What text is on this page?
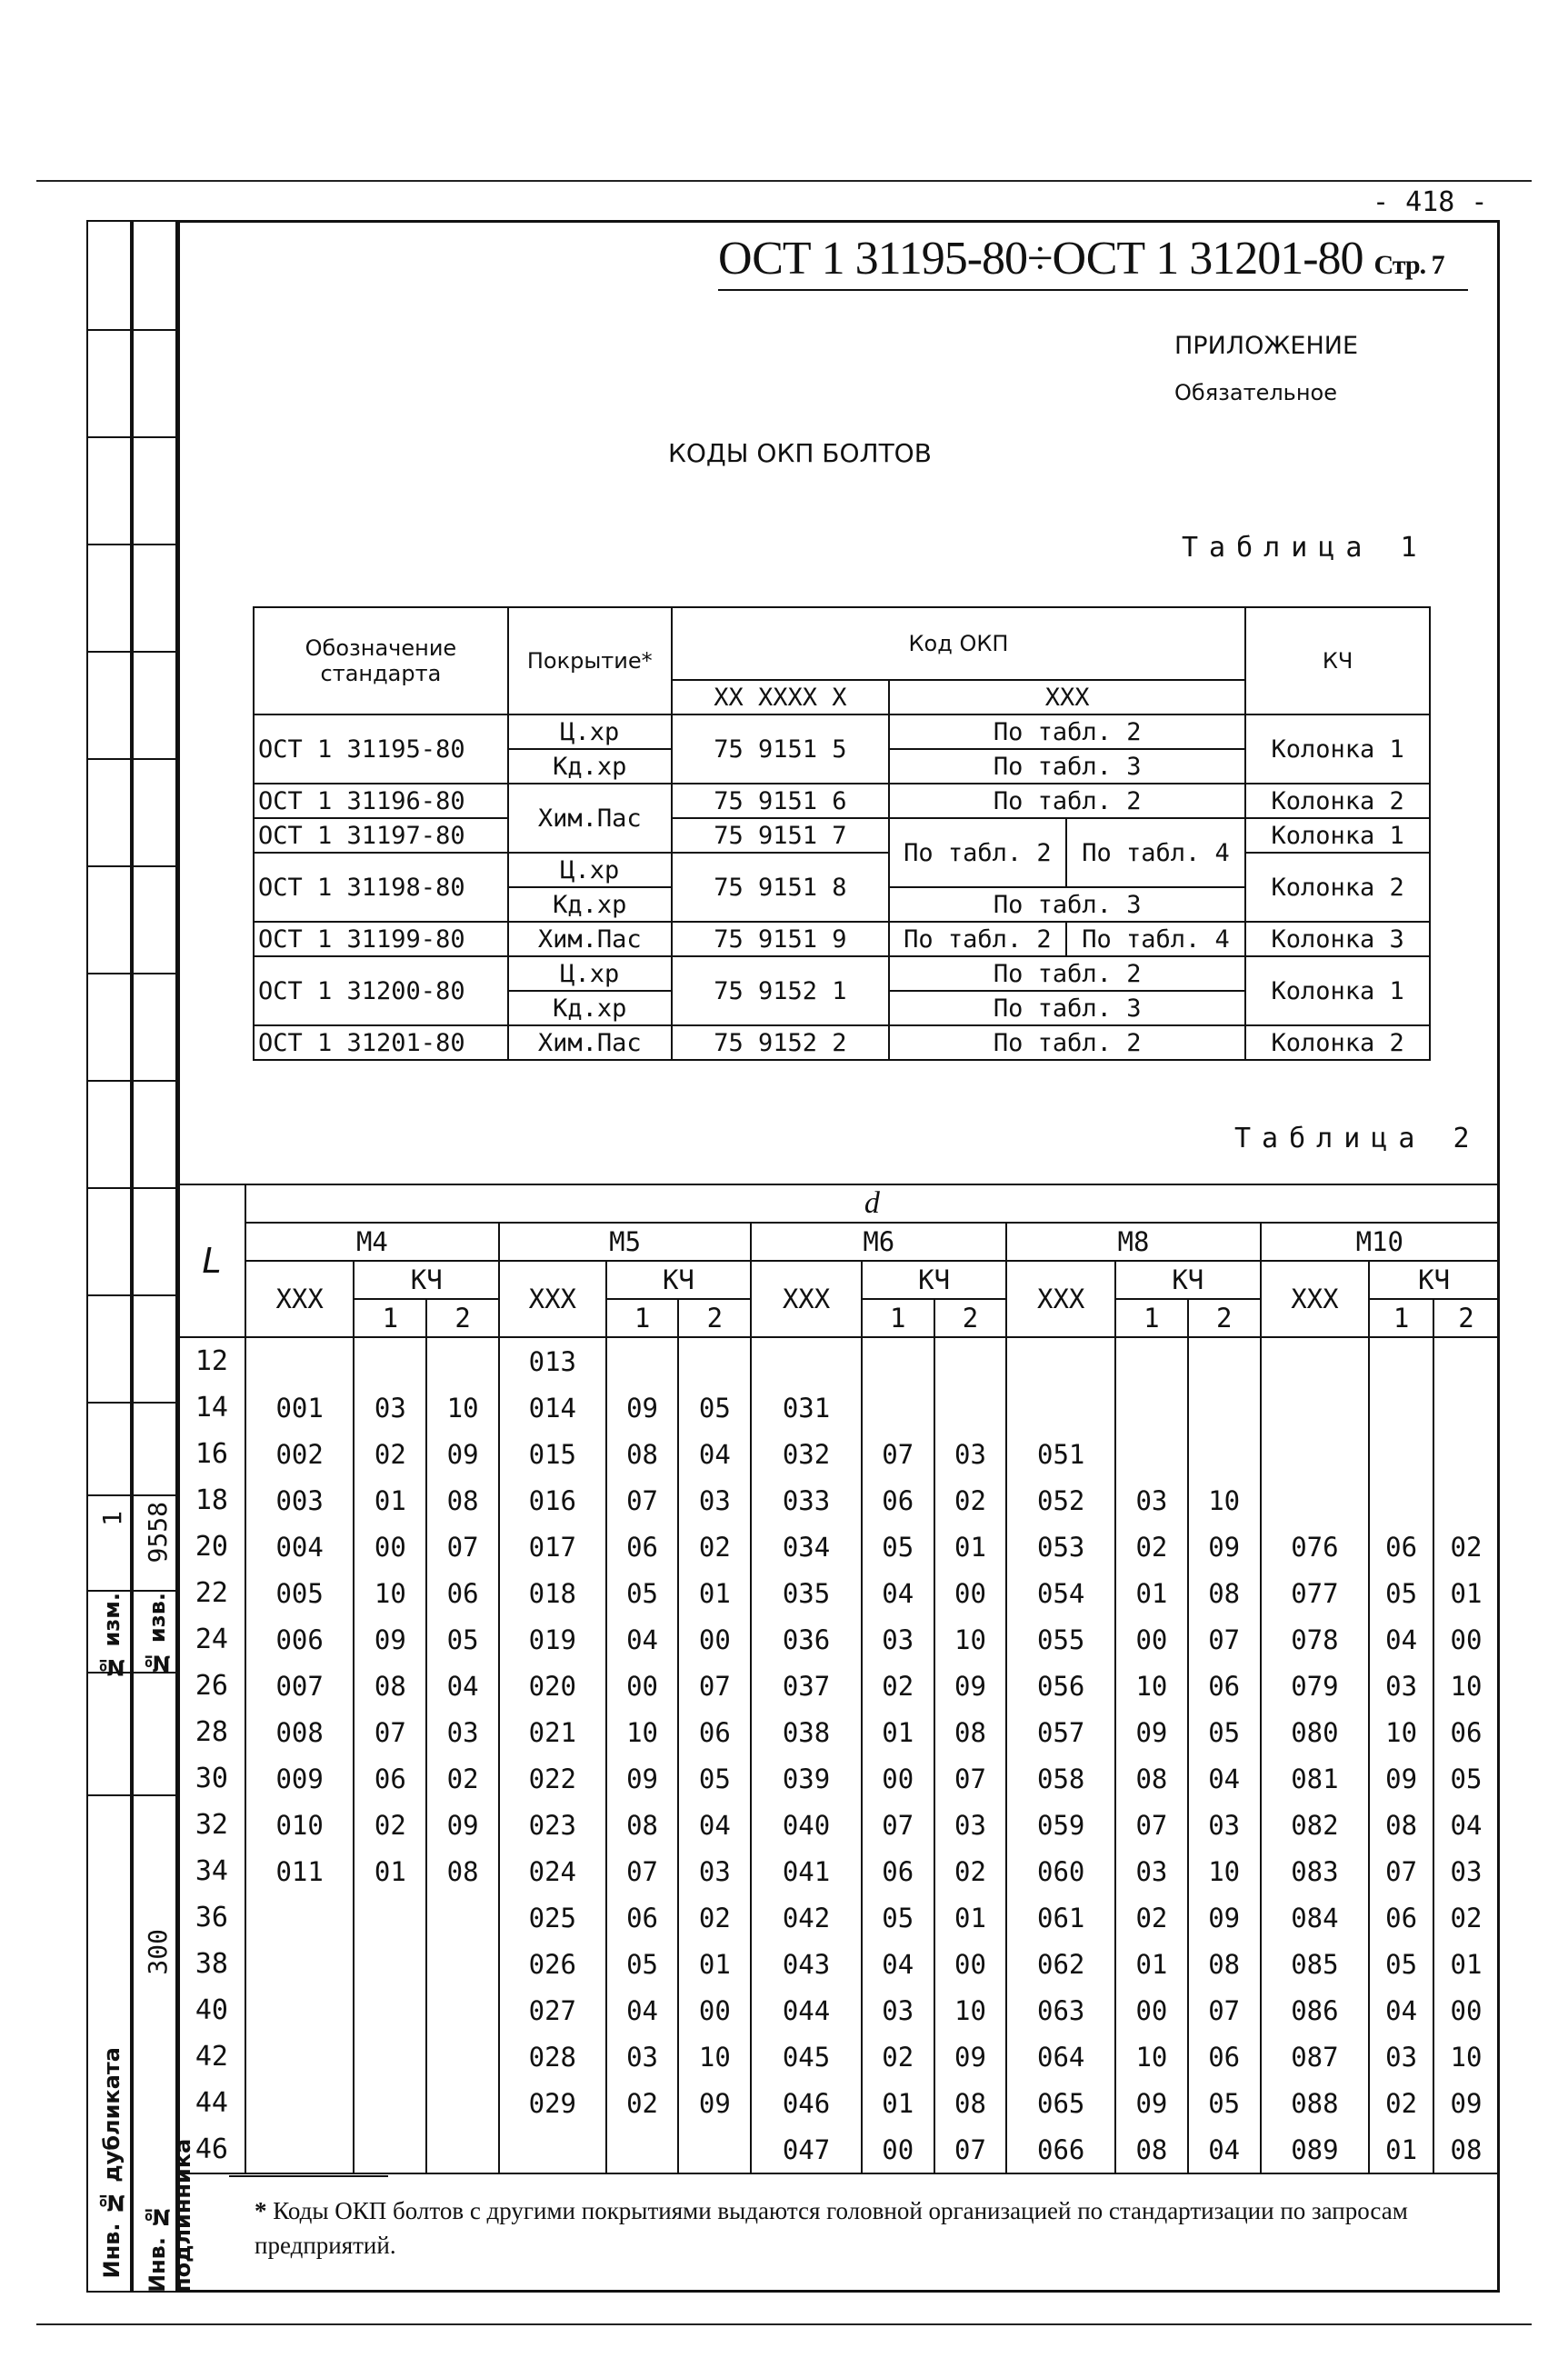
- 418 -
ОСТ 1 31195-80÷ОСТ 1 31201-80 Стр. 7
1
№ изм.
9558
№ изв.
300
Инв. № дубликата Инв. № подлинника
ПРИЛОЖЕНИЕ
Обязательное
КОДЫ ОКП БОЛТОВ
Таблица 1
Обозначение стандарта	Покрытие*	Код ОКП			КЧ
		XX XXXX X	XXX		
ОСТ 1 31195-80	Ц.хр	75 9151 5	По табл. 2		Колонка 1
	Кд.хр		По табл. 3		
ОСТ 1 31196-80	Хим.Пас	75 9151 6	По табл. 2		Колонка 2
ОСТ 1 31197-80		75 9151 7	По табл. 2	По табл. 4	Колонка 1
ОСТ 1 31198-80	Ц.хр	75 9151 8			Колонка 2
	Кд.хр		По табл. 3		
ОСТ 1 31199-80	Хим.Пас	75 9151 9	По табл. 2	По табл. 4	Колонка 3
ОСТ 1 31200-80	Ц.хр	75 9152 1	По табл. 2		Колонка 1
	Кд.хр		По табл. 3		
ОСТ 1 31201-80	Хим.Пас	75 9152 2	По табл. 2		Колонка 2
Таблица 2
L	d														
	M4			M5			M6			M8			M10		
	XXX	КЧ		XXX	КЧ		XXX	КЧ		XXX	КЧ		XXX	КЧ	
		1	2		1	2		1	2		1	2		1	2
12				013											
14	001	03	10	014	09	05	031								
16	002	02	09	015	08	04	032	07	03	051					
18	003	01	08	016	07	03	033	06	02	052	03	10			
20	004	00	07	017	06	02	034	05	01	053	02	09	076	06	02
22	005	10	06	018	05	01	035	04	00	054	01	08	077	05	01
24	006	09	05	019	04	00	036	03	10	055	00	07	078	04	00
26	007	08	04	020	00	07	037	02	09	056	10	06	079	03	10
28	008	07	03	021	10	06	038	01	08	057	09	05	080	10	06
30	009	06	02	022	09	05	039	00	07	058	08	04	081	09	05
32	010	02	09	023	08	04	040	07	03	059	07	03	082	08	04
34	011	01	08	024	07	03	041	06	02	060	03	10	083	07	03
36				025	06	02	042	05	01	061	02	09	084	06	02
38				026	05	01	043	04	00	062	01	08	085	05	01
40				027	04	00	044	03	10	063	00	07	086	04	00
42				028	03	10	045	02	09	064	10	06	087	03	10
44				029	02	09	046	01	08	065	09	05	088	02	09
46							047	00	07	066	08	04	089	01	08
* Коды ОКП болтов с другими покрытиями выдаются головной организацией по стандартизации по запросам предприятий.
